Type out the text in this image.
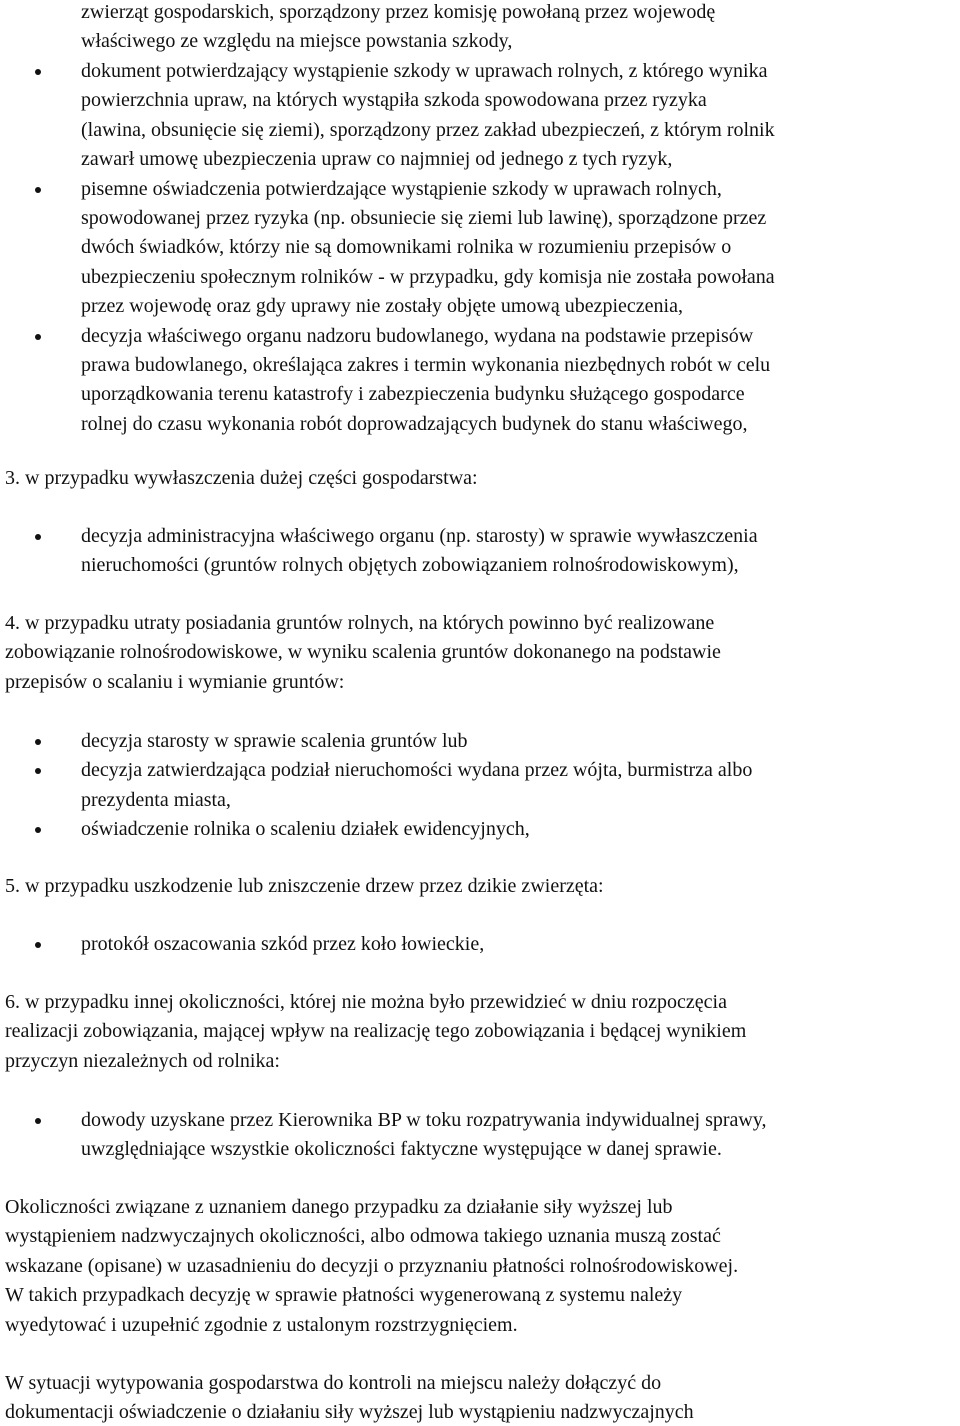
zwierząt gospodarskich, sporządzony przez komisję powołaną przez wojewodę
właściwego ze względu na miejsce powstania szkody,
dokument potwierdzający wystąpienie szkody w uprawach rolnych, z którego wynika
powierzchnia upraw, na których wystąpiła szkoda spowodowana przez ryzyka
(lawina, obsunięcie się ziemi), sporządzony przez zakład ubezpieczeń, z którym rolnik
zawarł umowę ubezpieczenia upraw co najmniej od jednego z tych ryzyk,
pisemne oświadczenia potwierdzające wystąpienie szkody w uprawach rolnych,
spowodowanej przez ryzyka (np. obsuniecie się ziemi lub lawinę), sporządzone przez
dwóch świadków, którzy nie są domownikami rolnika w rozumieniu przepisów o
ubezpieczeniu społecznym rolników - w przypadku, gdy komisja nie została powołana
przez wojewodę oraz gdy uprawy nie zostały objęte umową ubezpieczenia,
decyzja właściwego organu nadzoru budowlanego, wydana na podstawie przepisów
prawa budowlanego, określająca zakres i termin wykonania niezbędnych robót w celu
uporządkowania terenu katastrofy i zabezpieczenia budynku służącego gospodarce
rolnej do czasu wykonania robót doprowadzających budynek do stanu właściwego,
3. w przypadku wywłaszczenia dużej części gospodarstwa:
decyzja administracyjna właściwego organu (np. starosty) w sprawie wywłaszczenia
nieruchomości (gruntów rolnych objętych zobowiązaniem rolnośrodowiskowym),
4. w przypadku utraty posiadania gruntów rolnych, na których powinno być realizowane
zobowiązanie rolnośrodowiskowe, w wyniku scalenia gruntów dokonanego na podstawie
przepisów o scalaniu i wymianie gruntów:
decyzja starosty w sprawie scalenia gruntów lub
decyzja zatwierdzająca podział nieruchomości wydana przez wójta, burmistrza albo
prezydenta miasta,
oświadczenie rolnika o scaleniu działek ewidencyjnych,
5. w przypadku uszkodzenie lub zniszczenie drzew przez dzikie zwierzęta:
protokół oszacowania szkód przez koło łowieckie,
6. w przypadku innej okoliczności, której nie można było przewidzieć w dniu rozpoczęcia
realizacji zobowiązania, mającej wpływ na realizację tego zobowiązania i będącej wynikiem
przyczyn niezależnych od rolnika:
dowody uzyskane przez Kierownika BP w toku rozpatrywania indywidualnej sprawy,
uwzględniające wszystkie okoliczności faktyczne występujące w danej sprawie.
Okoliczności związane z uznaniem danego przypadku za działanie siły wyższej lub
wystąpieniem nadzwyczajnych okoliczności, albo odmowa takiego uznania muszą zostać
wskazane (opisane) w uzasadnieniu do decyzji o przyznaniu płatności rolnośrodowiskowej.
W takich przypadkach decyzję w sprawie płatności wygenerowaną z systemu należy
wyedytować i uzupełnić zgodnie z ustalonym rozstrzygnięciem.
W sytuacji wytypowania gospodarstwa do kontroli na miejscu należy dołączyć do
dokumentacji oświadczenie o działaniu siły wyższej lub wystąpieniu nadzwyczajnych
